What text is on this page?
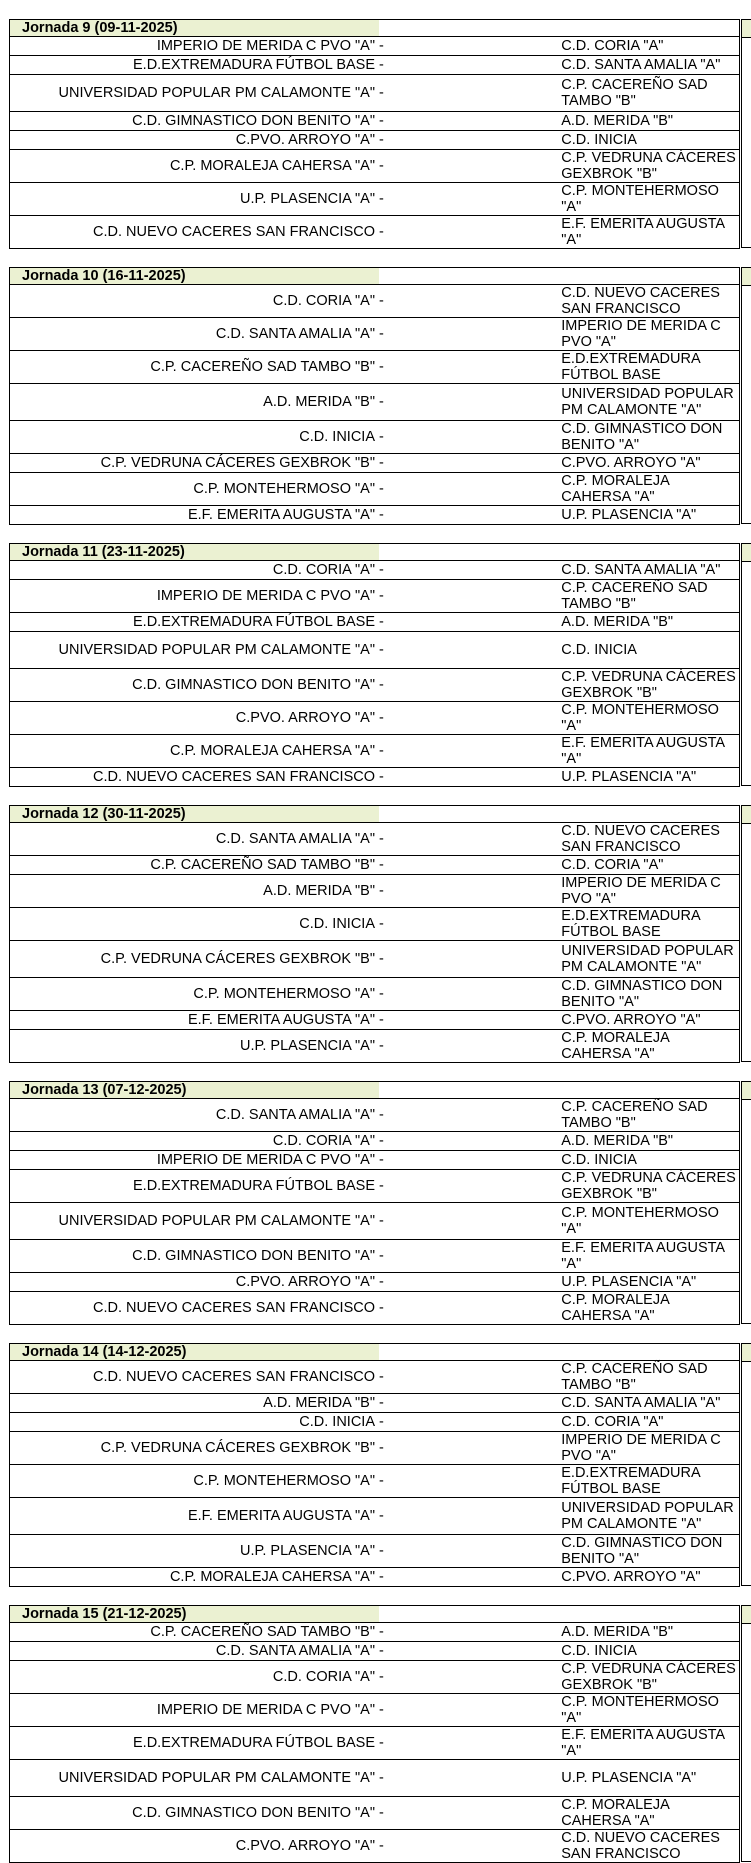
Jornada 9 (09-11-2025)		
IMPERIO DE MERIDA C PVO "A"	-	C.D. CORIA "A"
E.D.EXTREMADURA FÚTBOL BASE	-	C.D. SANTA AMALIA "A"
UNIVERSIDAD POPULAR PM CALAMONTE "A"	-	C.P. CACEREÑO SAD TAMBO "B"
C.D. GIMNASTICO DON BENITO "A"	-	A.D. MERIDA "B"
C.PVO. ARROYO "A"	-	C.D. INICIA
C.P. MORALEJA CAHERSA "A"	-	C.P. VEDRUNA CÁCERES GEXBROK "B"
U.P. PLASENCIA "A"	-	C.P. MONTEHERMOSO "A"
C.D. NUEVO CACERES SAN FRANCISCO	-	E.F. EMERITA AUGUSTA "A"
Jornada 10 (16-11-2025)		
C.D. CORIA "A"	-	C.D. NUEVO CACERES SAN FRANCISCO
C.D. SANTA AMALIA "A"	-	IMPERIO DE MERIDA C PVO "A"
C.P. CACEREÑO SAD TAMBO "B"	-	E.D.EXTREMADURA FÚTBOL BASE
A.D. MERIDA "B"	-	UNIVERSIDAD POPULAR PM CALAMONTE "A"
C.D. INICIA	-	C.D. GIMNASTICO DON BENITO "A"
C.P. VEDRUNA CÁCERES GEXBROK "B"	-	C.PVO. ARROYO "A"
C.P. MONTEHERMOSO "A"	-	C.P. MORALEJA CAHERSA "A"
E.F. EMERITA AUGUSTA "A"	-	U.P. PLASENCIA "A"
Jornada 11 (23-11-2025)		
C.D. CORIA "A"	-	C.D. SANTA AMALIA "A"
IMPERIO DE MERIDA C PVO "A"	-	C.P. CACEREÑO SAD TAMBO "B"
E.D.EXTREMADURA FÚTBOL BASE	-	A.D. MERIDA "B"
UNIVERSIDAD POPULAR PM CALAMONTE "A"	-	C.D. INICIA
C.D. GIMNASTICO DON BENITO "A"	-	C.P. VEDRUNA CÁCERES GEXBROK "B"
C.PVO. ARROYO "A"	-	C.P. MONTEHERMOSO "A"
C.P. MORALEJA CAHERSA "A"	-	E.F. EMERITA AUGUSTA "A"
C.D. NUEVO CACERES SAN FRANCISCO	-	U.P. PLASENCIA "A"
Jornada 12 (30-11-2025)		
C.D. SANTA AMALIA "A"	-	C.D. NUEVO CACERES SAN FRANCISCO
C.P. CACEREÑO SAD TAMBO "B"	-	C.D. CORIA "A"
A.D. MERIDA "B"	-	IMPERIO DE MERIDA C PVO "A"
C.D. INICIA	-	E.D.EXTREMADURA FÚTBOL BASE
C.P. VEDRUNA CÁCERES GEXBROK "B"	-	UNIVERSIDAD POPULAR PM CALAMONTE "A"
C.P. MONTEHERMOSO "A"	-	C.D. GIMNASTICO DON BENITO "A"
E.F. EMERITA AUGUSTA "A"	-	C.PVO. ARROYO "A"
U.P. PLASENCIA "A"	-	C.P. MORALEJA CAHERSA "A"
Jornada 13 (07-12-2025)		
C.D. SANTA AMALIA "A"	-	C.P. CACEREÑO SAD TAMBO "B"
C.D. CORIA "A"	-	A.D. MERIDA "B"
IMPERIO DE MERIDA C PVO "A"	-	C.D. INICIA
E.D.EXTREMADURA FÚTBOL BASE	-	C.P. VEDRUNA CÁCERES GEXBROK "B"
UNIVERSIDAD POPULAR PM CALAMONTE "A"	-	C.P. MONTEHERMOSO "A"
C.D. GIMNASTICO DON BENITO "A"	-	E.F. EMERITA AUGUSTA "A"
C.PVO. ARROYO "A"	-	U.P. PLASENCIA "A"
C.D. NUEVO CACERES SAN FRANCISCO	-	C.P. MORALEJA CAHERSA "A"
Jornada 14 (14-12-2025)		
C.D. NUEVO CACERES SAN FRANCISCO	-	C.P. CACEREÑO SAD TAMBO "B"
A.D. MERIDA "B"	-	C.D. SANTA AMALIA "A"
C.D. INICIA	-	C.D. CORIA "A"
C.P. VEDRUNA CÁCERES GEXBROK "B"	-	IMPERIO DE MERIDA C PVO "A"
C.P. MONTEHERMOSO "A"	-	E.D.EXTREMADURA FÚTBOL BASE
E.F. EMERITA AUGUSTA "A"	-	UNIVERSIDAD POPULAR PM CALAMONTE "A"
U.P. PLASENCIA "A"	-	C.D. GIMNASTICO DON BENITO "A"
C.P. MORALEJA CAHERSA "A"	-	C.PVO. ARROYO "A"
Jornada 15 (21-12-2025)		
C.P. CACEREÑO SAD TAMBO "B"	-	A.D. MERIDA "B"
C.D. SANTA AMALIA "A"	-	C.D. INICIA
C.D. CORIA "A"	-	C.P. VEDRUNA CÁCERES GEXBROK "B"
IMPERIO DE MERIDA C PVO "A"	-	C.P. MONTEHERMOSO "A"
E.D.EXTREMADURA FÚTBOL BASE	-	E.F. EMERITA AUGUSTA "A"
UNIVERSIDAD POPULAR PM CALAMONTE "A"	-	U.P. PLASENCIA "A"
C.D. GIMNASTICO DON BENITO "A"	-	C.P. MORALEJA CAHERSA "A"
C.PVO. ARROYO "A"	-	C.D. NUEVO CACERES SAN FRANCISCO
